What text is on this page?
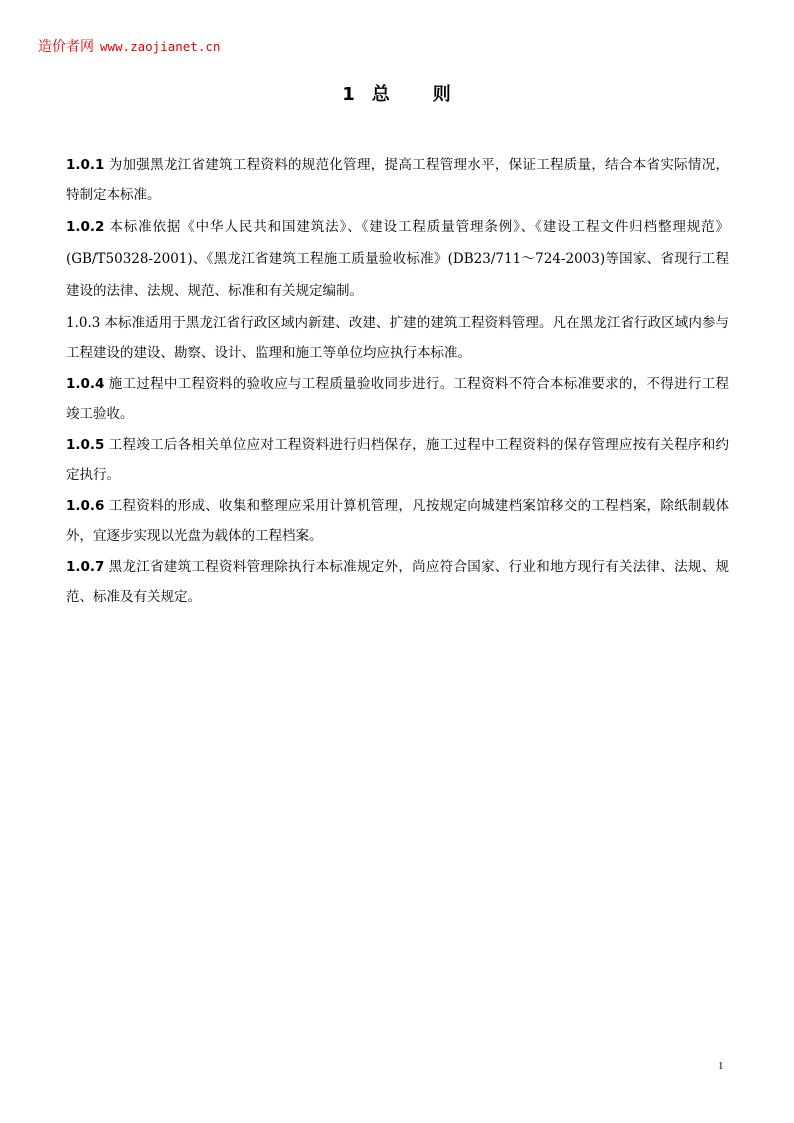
造价者网 www.zaojianet.cn
1 总 则

1.0.1 为加强黑龙江省建筑工程资料的规范化管理，提高工程管理水平，保证工程质量，结合本省实际情况，特制定本标准。

1.0.2 本标准依据《中华人民共和国建筑法》、《建设工程质量管理条例》、《建设工程文件归档整理规范》(GB/T50328-2001)、《黑龙江省建筑工程施工质量验收标准》(DB23/711～724-2003)等国家、省现行工程建设的法律、法规、规范、标准和有关规定编制。

1.0.3 本标准适用于黑龙江省行政区域内新建、改建、扩建的建筑工程资料管理。凡在黑龙江省行政区域内参与工程建设的建设、勘察、设计、监理和施工等单位均应执行本标准。

1.0.4 施工过程中工程资料的验收应与工程质量验收同步进行。工程资料不符合本标准要求的，不得进行工程竣工验收。

1.0.5 工程竣工后各相关单位应对工程资料进行归档保存，施工过程中工程资料的保存管理应按有关程序和约定执行。

1.0.6 工程资料的形成、收集和整理应采用计算机管理，凡按规定向城建档案馆移交的工程档案，除纸制载体外，宜逐步实现以光盘为载体的工程档案。

1.0.7 黑龙江省建筑工程资料管理除执行本标准规定外，尚应符合国家、行业和地方现行有关法律、法规、规范、标准及有关规定。

1
